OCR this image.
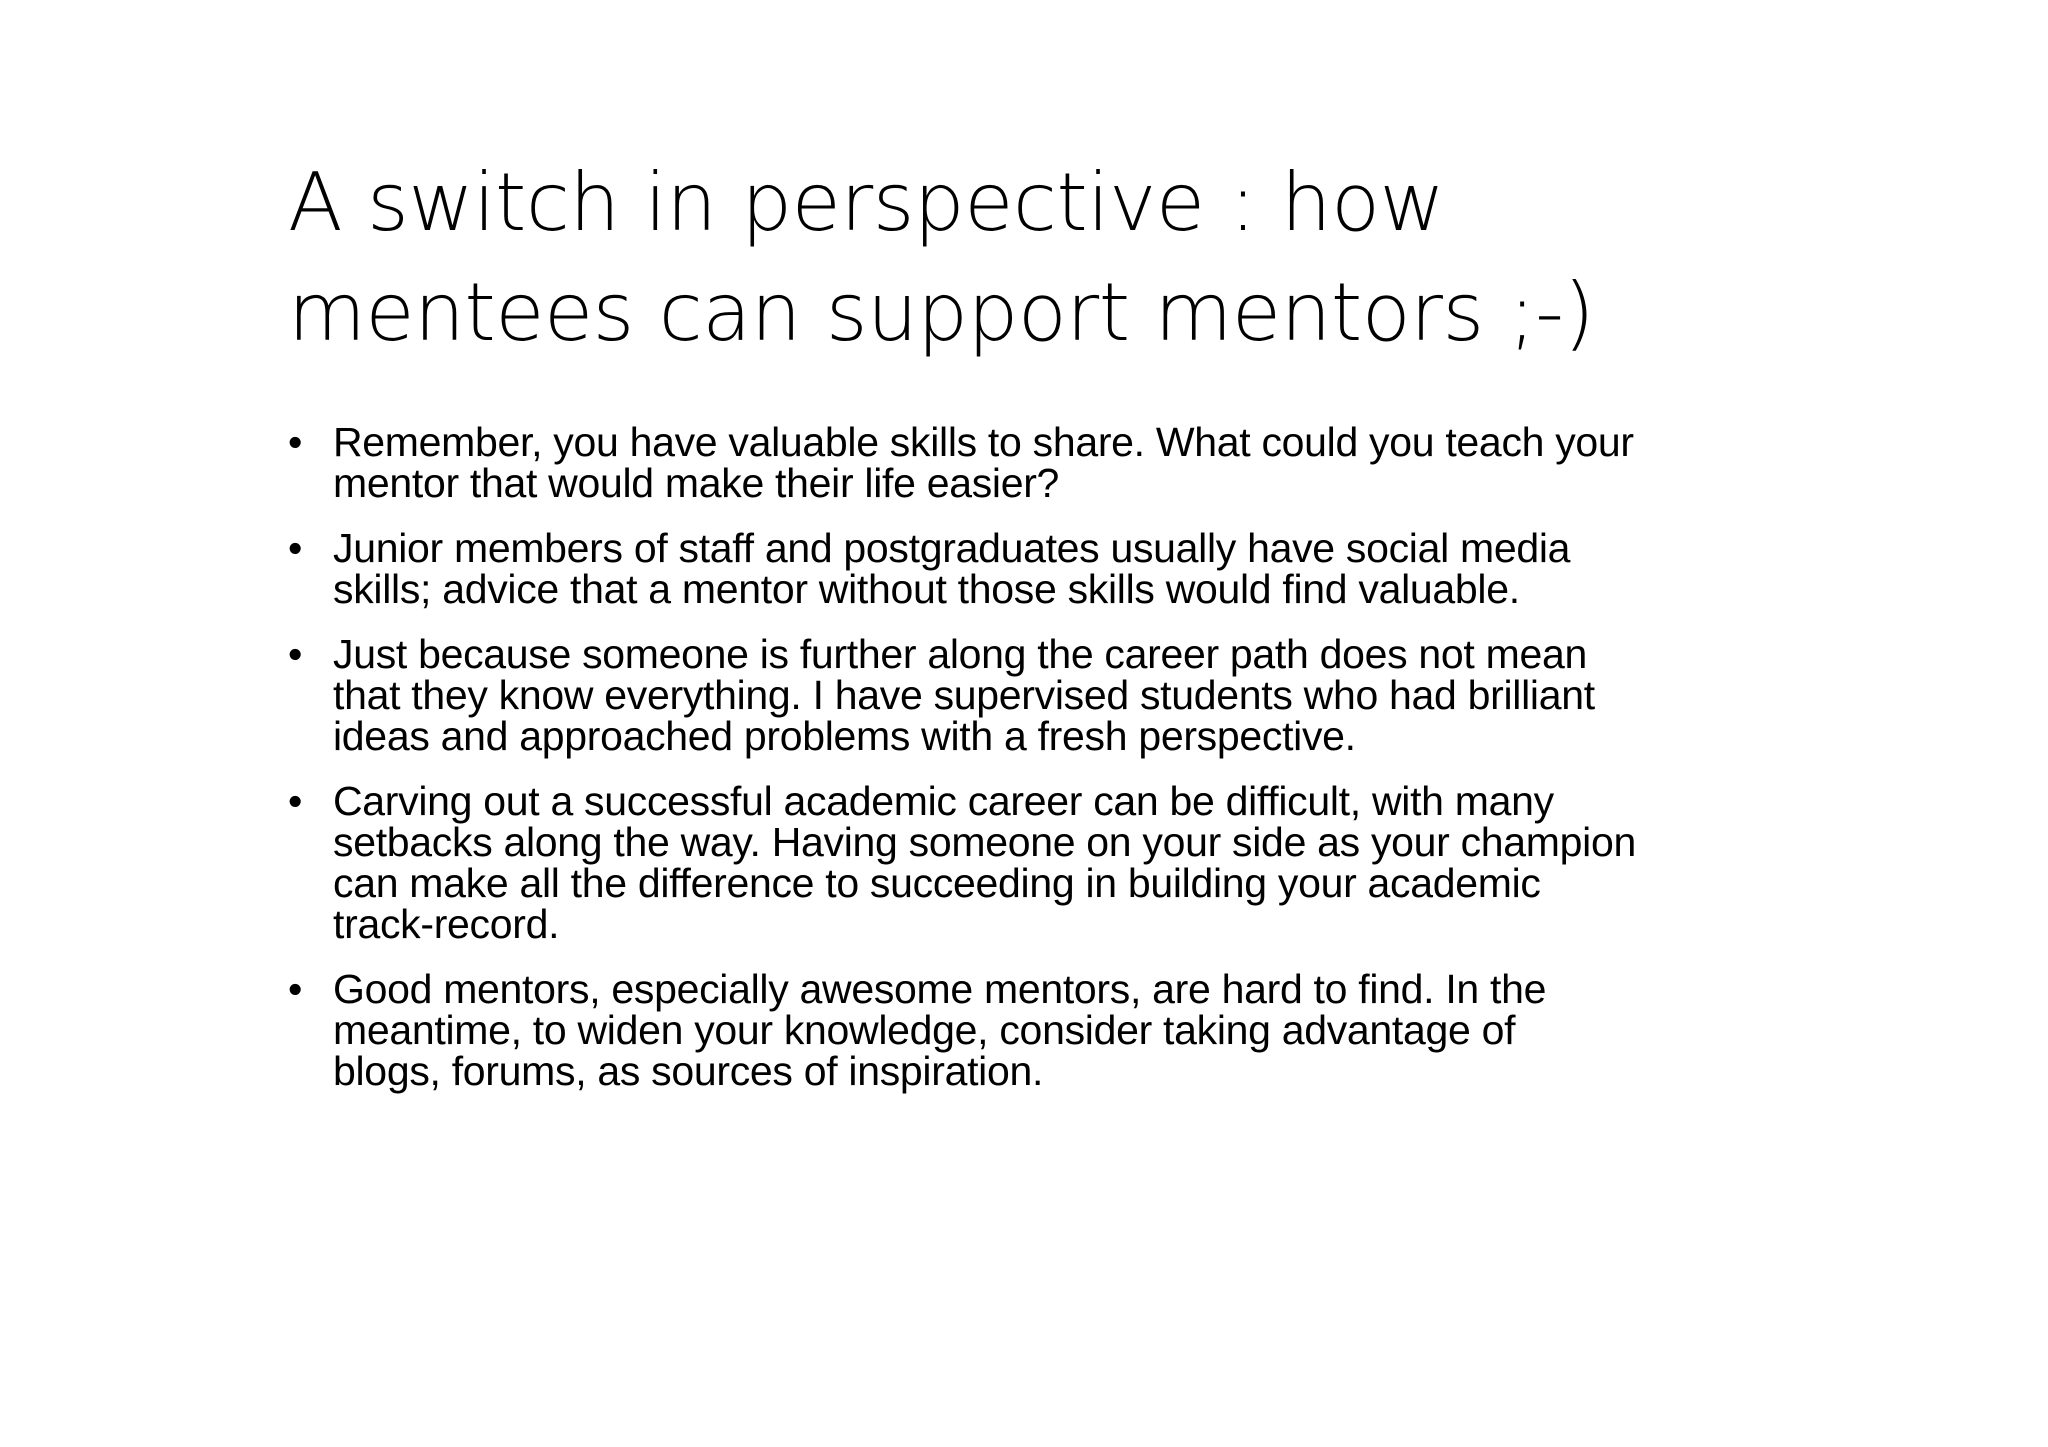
A switch in perspective : how
mentees can support mentors ;-)
• Remember, you have valuable skills to share. What could you teach your
mentor that would make their life easier?
• Junior members of staff and postgraduates usually have social media
skills; advice that a mentor without those skills would find valuable.
• Just because someone is further along the career path does not mean
that they know everything. I have supervised students who had brilliant
ideas and approached problems with a fresh perspective.
• Carving out a successful academic career can be difficult, with many
setbacks along the way. Having someone on your side as your champion
can make all the difference to succeeding in building your academic
track-record.
• Good mentors, especially awesome mentors, are hard to find. In the
meantime, to widen your knowledge, consider taking advantage of
blogs, forums, as sources of inspiration.
